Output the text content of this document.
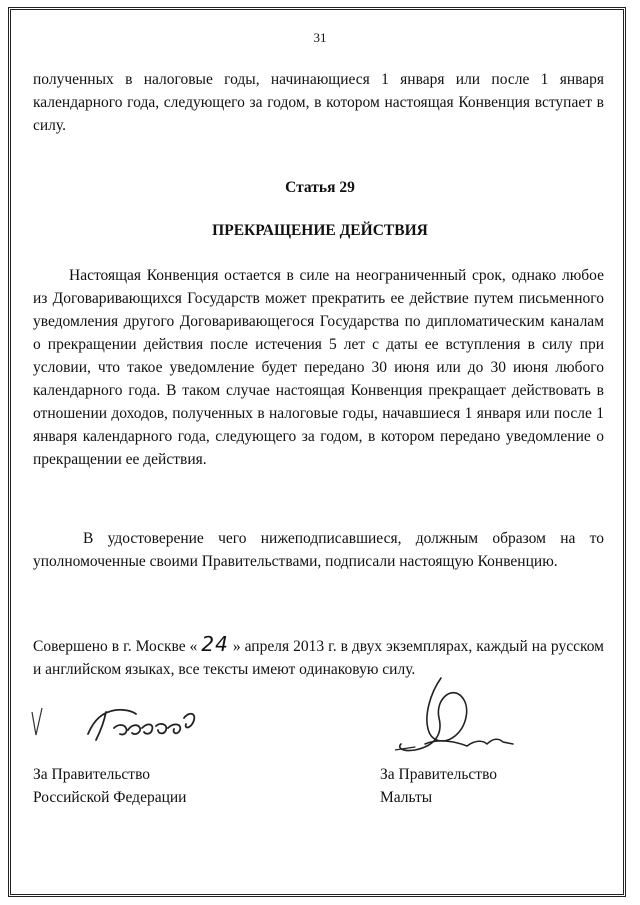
31
полученных в налоговые годы, начинающиеся 1 января или после 1 января календарного года, следующего за годом, в котором настоящая Конвенция вступает в силу.
Статья 29
ПРЕКРАЩЕНИЕ ДЕЙСТВИЯ
Настоящая Конвенция остается в силе на неограниченный срок, однако любое из Договаривающихся Государств может прекратить ее действие путем письменного уведомления другого Договаривающегося Государства по дипломатическим каналам о прекращении действия после истечения 5 лет с даты ее вступления в силу при условии, что такое уведомление будет передано 30 июня или до 30 июня любого календарного года. В таком случае настоящая Конвенция прекращает действовать в отношении доходов, полученных в налоговые годы, начавшиеся 1 января или после 1 января календарного года, следующего за годом, в котором передано уведомление о прекращении ее действия.
В удостоверение чего нижеподписавшиеся, должным образом на то уполномоченные своими Правительствами, подписали настоящую Конвенцию.
Совершено в г. Москве « 24 » апреля 2013 г. в двух экземплярах, каждый на русском и английском языках, все тексты имеют одинаковую силу.
За Правительство
Российской Федерации
За Правительство
Мальты
